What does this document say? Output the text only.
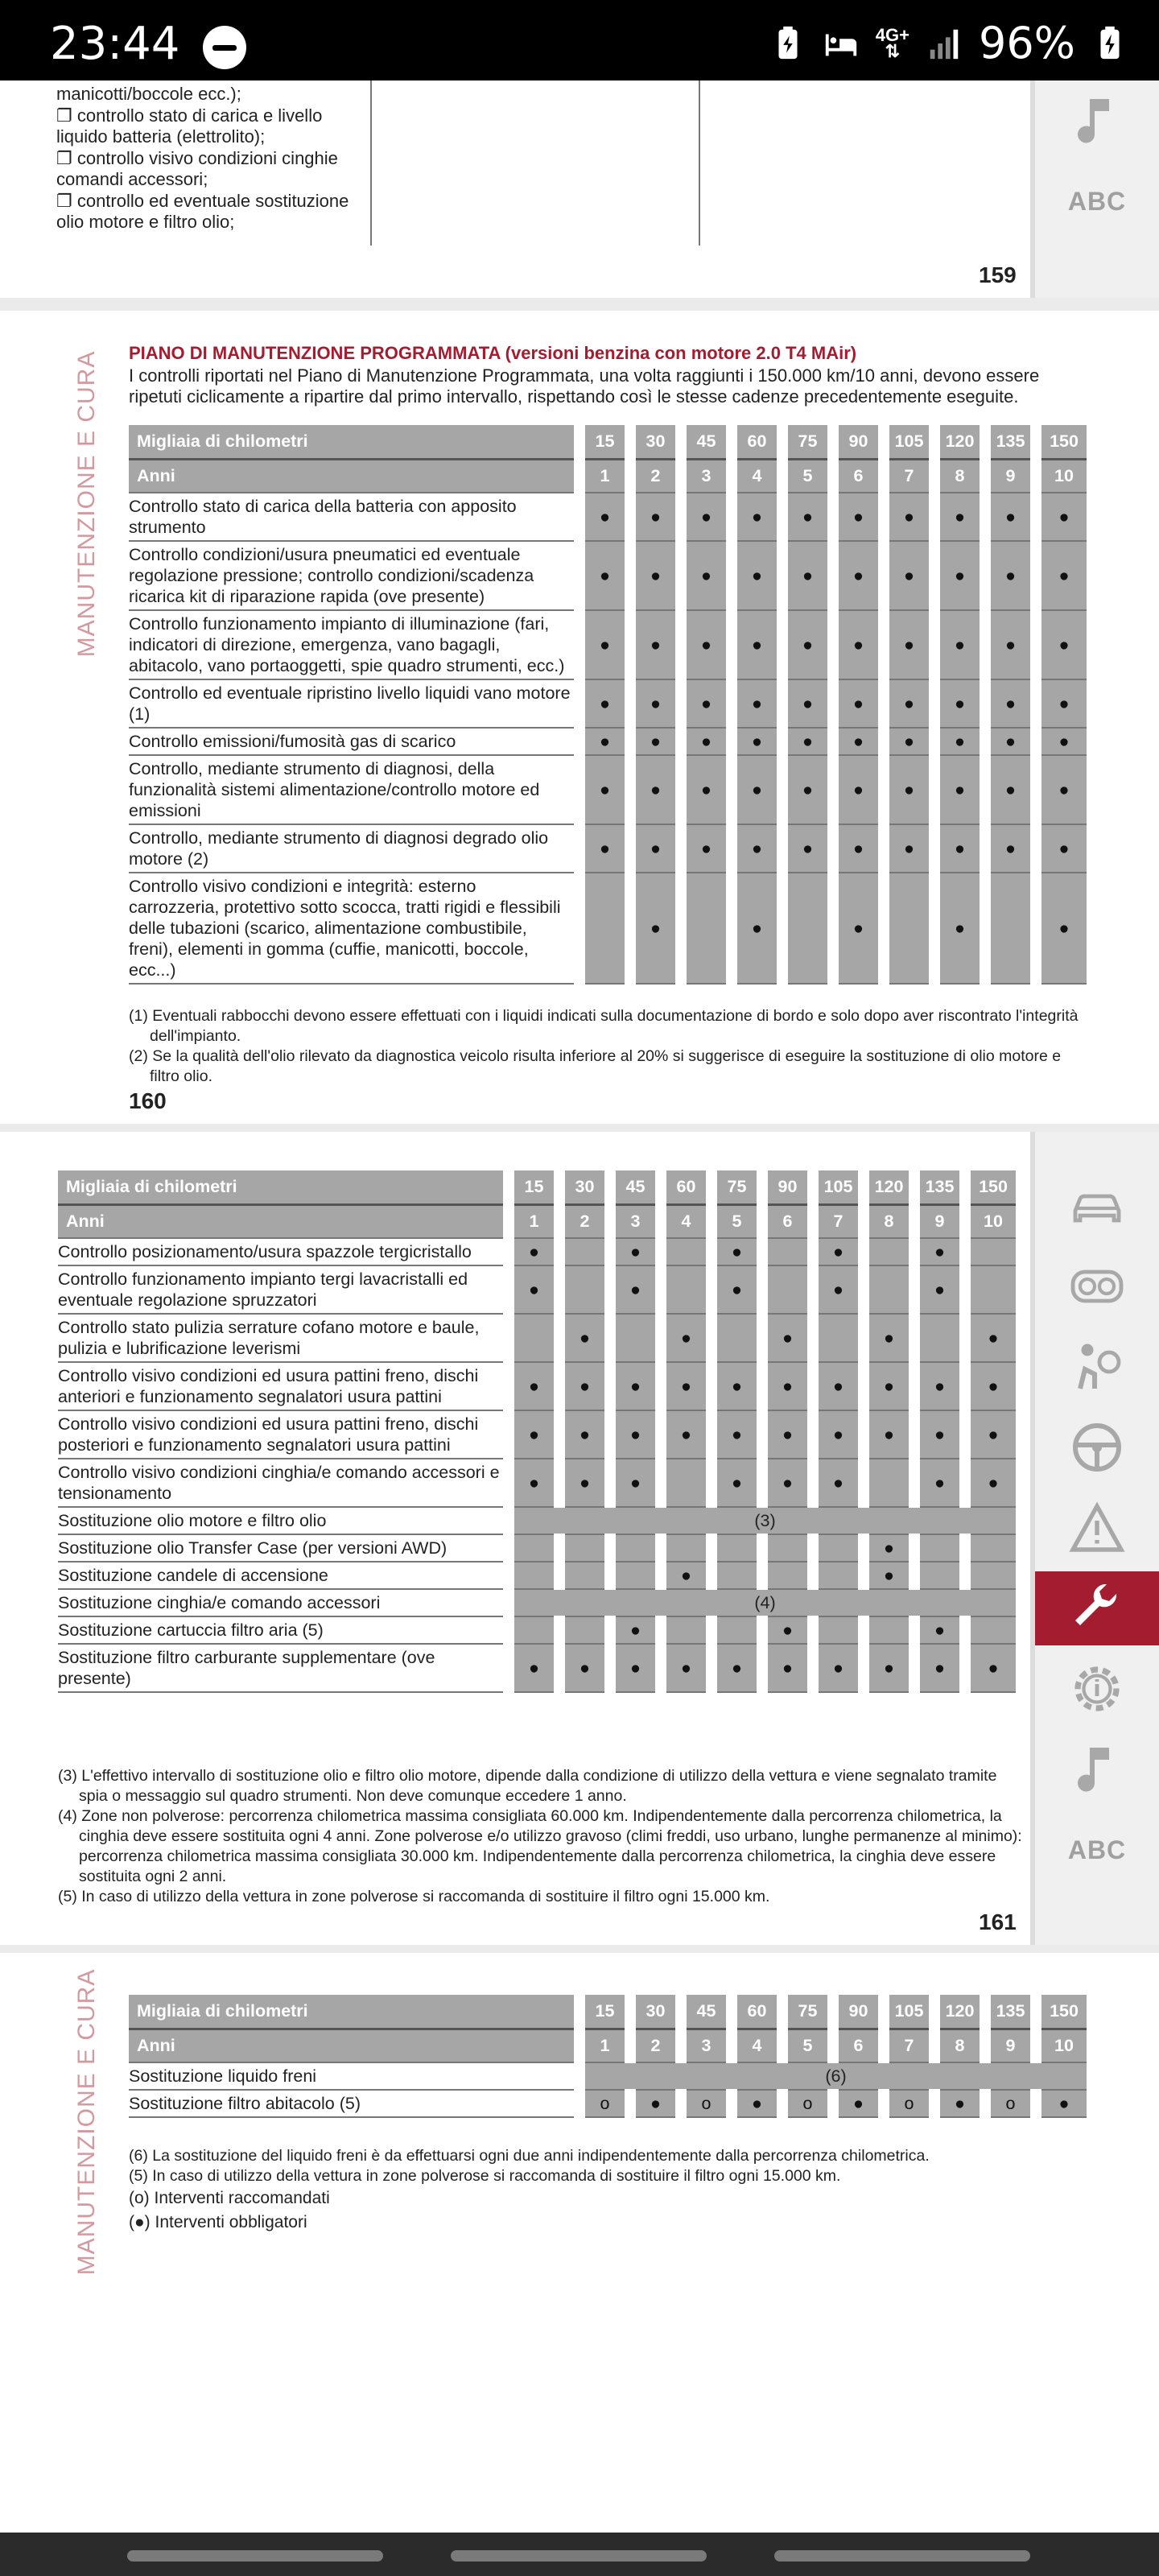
23:44	4G+
⇅ 96%
manicotti/boccole ecc.);
❐ controllo stato di carica e livello
liquido batteria (elettrolito);
❐ controllo visivo condizioni cinghie
comandi accessori;
❐ controllo ed eventuale sostituzione
olio motore e filtro olio;
159
ABC
MANUTENZIONE E CURA PIANO DI MANUTENZIONE PROGRAMMATA (versioni benzina con motore 2.0 T4 MAir)
I controlli riportati nel Piano di Manutenzione Programmata, una volta raggiunti i 150.000 km/10 anni, devono essere ripetuti ciclicamente a ripartire dal primo intervallo, rispettando così le stesse cadenze precedentemente eseguite.
Migliaia di chilometri	15	30	45	60	75	90	105	120	135	150
Anni	1	2	3	4	5	6	7	8	9	10
Controllo stato di carica della batteria con apposito strumento	●	●	●	●	●	●	●	●	●	●
Controllo condizioni/usura pneumatici ed eventuale regolazione pressione; controllo condizioni/scadenza ricarica kit di riparazione rapida (ove presente)	●	●	●	●	●	●	●	●	●	●
Controllo funzionamento impianto di illuminazione (fari, indicatori di direzione, emergenza, vano bagagli, abitacolo, vano portaoggetti, spie quadro strumenti, ecc.)	●	●	●	●	●	●	●	●	●	●
Controllo ed eventuale ripristino livello liquidi vano motore (1)	●	●	●	●	●	●	●	●	●	●
Controllo emissioni/fumosità gas di scarico	●	●	●	●	●	●	●	●	●	●
Controllo, mediante strumento di diagnosi, della funzionalità sistemi alimentazione/controllo motore ed emissioni	●	●	●	●	●	●	●	●	●	●
Controllo, mediante strumento di diagnosi degrado olio motore (2)	●	●	●	●	●	●	●	●	●	●
Controllo visivo condizioni e integrità: esterno carrozzeria, protettivo sotto scocca, tratti rigidi e flessibili delle tubazioni (scarico, alimentazione combustibile, freni), elementi in gomma (cuffie, manicotti, boccole, ecc...)		●		●		●		●		●

(1) Eventuali rabbocchi devono essere effettuati con i liquidi indicati sulla documentazione di bordo e solo dopo aver riscontrato l'integrità dell'impianto.

(2) Se la qualità dell'olio rilevato da diagnostica veicolo risulta inferiore al 20% si suggerisce di eseguire la sostituzione di olio motore e filtro olio.

160
Migliaia di chilometri	15	30	45	60	75	90	105	120	135	150
Anni	1	2	3	4	5	6	7	8	9	10
Controllo posizionamento/usura spazzole tergicristallo	●		●		●		●		●	
Controllo funzionamento impianto tergi lavacristalli ed eventuale regolazione spruzzatori	●		●		●		●		●	
Controllo stato pulizia serrature cofano motore e baule, pulizia e lubrificazione leverismi		●		●		●		●		●
Controllo visivo condizioni ed usura pattini freno, dischi anteriori e funzionamento segnalatori usura pattini	●	●	●	●	●	●	●	●	●	●
Controllo visivo condizioni ed usura pattini freno, dischi posteriori e funzionamento segnalatori usura pattini	●	●	●	●	●	●	●	●	●	●
Controllo visivo condizioni cinghia/e comando accessori e tensionamento	●	●	●		●	●	●		●	●
Sostituzione olio motore e filtro olio	(3)									
Sostituzione olio Transfer Case (per versioni AWD)								●		
Sostituzione candele di accensione				●				●		
Sostituzione cinghia/e comando accessori	(4)									
Sostituzione cartuccia filtro aria (5)			●			●			●	
Sostituzione filtro carburante supplementare (ove presente)	●	●	●	●	●	●	●	●	●	●

(3) L'effettivo intervallo di sostituzione olio e filtro olio motore, dipende dalla condizione di utilizzo della vettura e viene segnalato tramite spia o messaggio sul quadro strumenti. Non deve comunque eccedere 1 anno.

(4) Zone non polverose: percorrenza chilometrica massima consigliata 60.000 km. Indipendentemente dalla percorrenza chilometrica, la cinghia deve essere sostituita ogni 4 anni. Zone polverose e/o utilizzo gravoso (climi freddi, uso urbano, lunghe permanenze al minimo): percorrenza chilometrica massima consigliata 30.000 km. Indipendentemente dalla percorrenza chilometrica, la cinghia deve essere sostituita ogni 2 anni.

(5) In caso di utilizzo della vettura in zone polverose si raccomanda di sostituire il filtro ogni 15.000 km.

161
ABC
MANUTENZIONE E CURA Migliaia di chilometri	15	30	45	60	75	90	105	120	135	150
Anni	1	2	3	4	5	6	7	8	9	10
Sostituzione liquido freni	(6)									
Sostituzione filtro abitacolo (5)	o	●	o	●	o	●	o	●	o	●

(6) La sostituzione del liquido freni è da effettuarsi ogni due anni indipendentemente dalla percorrenza chilometrica.

(5) In caso di utilizzo della vettura in zone polverose si raccomanda di sostituire il filtro ogni 15.000 km.

(o) Interventi raccomandati

(●) Interventi obbligatori
